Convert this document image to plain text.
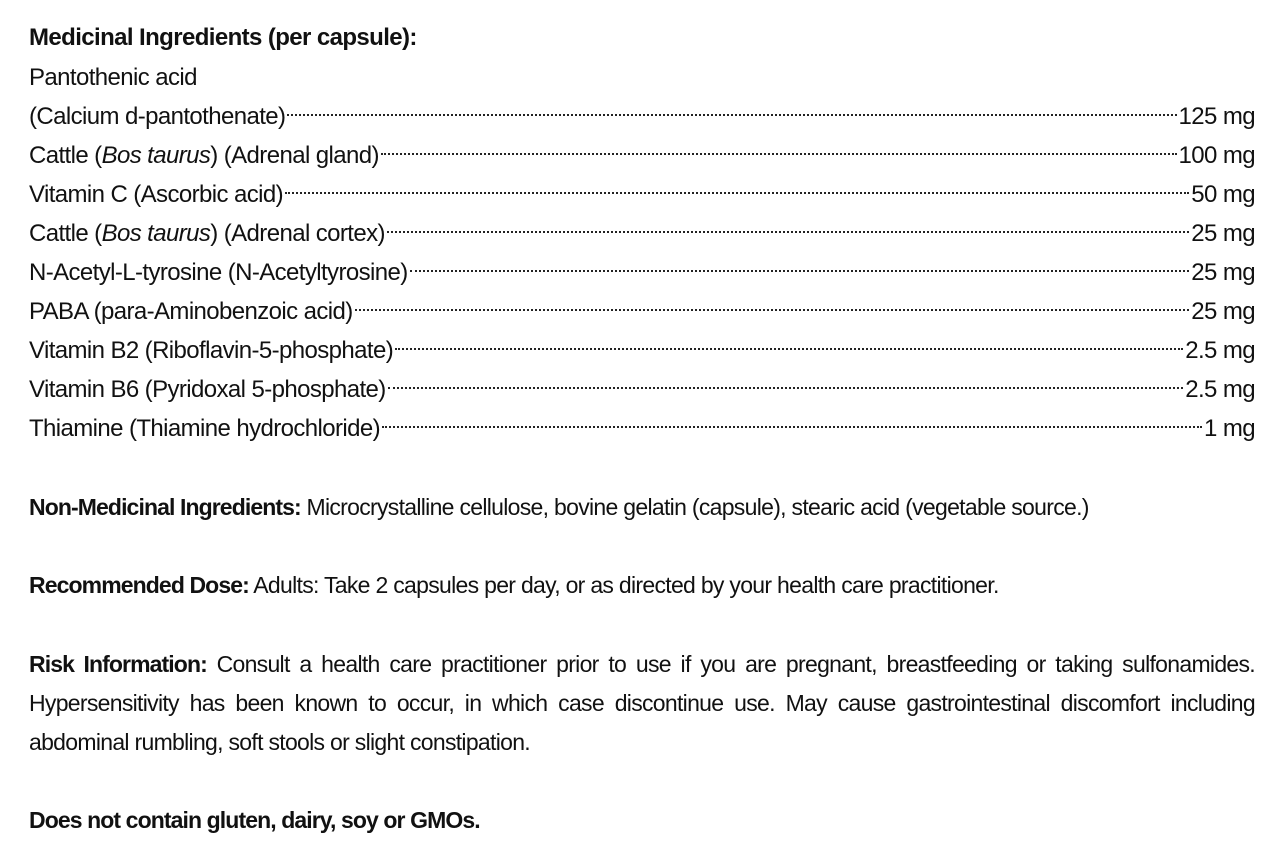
Medicinal Ingredients (per capsule):
Pantothenic acid
(Calcium d-pantothenate)	125 mg
Cattle (Bos taurus) (Adrenal gland)	100 mg
Vitamin C (Ascorbic acid)	50 mg
Cattle (Bos taurus) (Adrenal cortex)	25 mg
N-Acetyl-L-tyrosine (N-Acetyltyrosine)	25 mg
PABA (para-Aminobenzoic acid)	25 mg
Vitamin B2 (Riboflavin-5-phosphate)	2.5 mg
Vitamin B6 (Pyridoxal 5-phosphate)	2.5 mg
Thiamine (Thiamine hydrochloride)	1 mg
Non-Medicinal Ingredients: Microcrystalline cellulose, bovine gelatin (capsule), stearic acid (vegetable source.)
Recommended Dose: Adults: Take 2 capsules per day, or as directed by your health care practitioner.
Risk Information: Consult a health care practitioner prior to use if you are pregnant, breastfeeding or taking sulfonamides. Hypersensitivity has been known to occur, in which case discontinue use. May cause gastrointestinal discomfort including abdominal rumbling, soft stools or slight constipation.
Does not contain gluten, dairy, soy or GMOs.
